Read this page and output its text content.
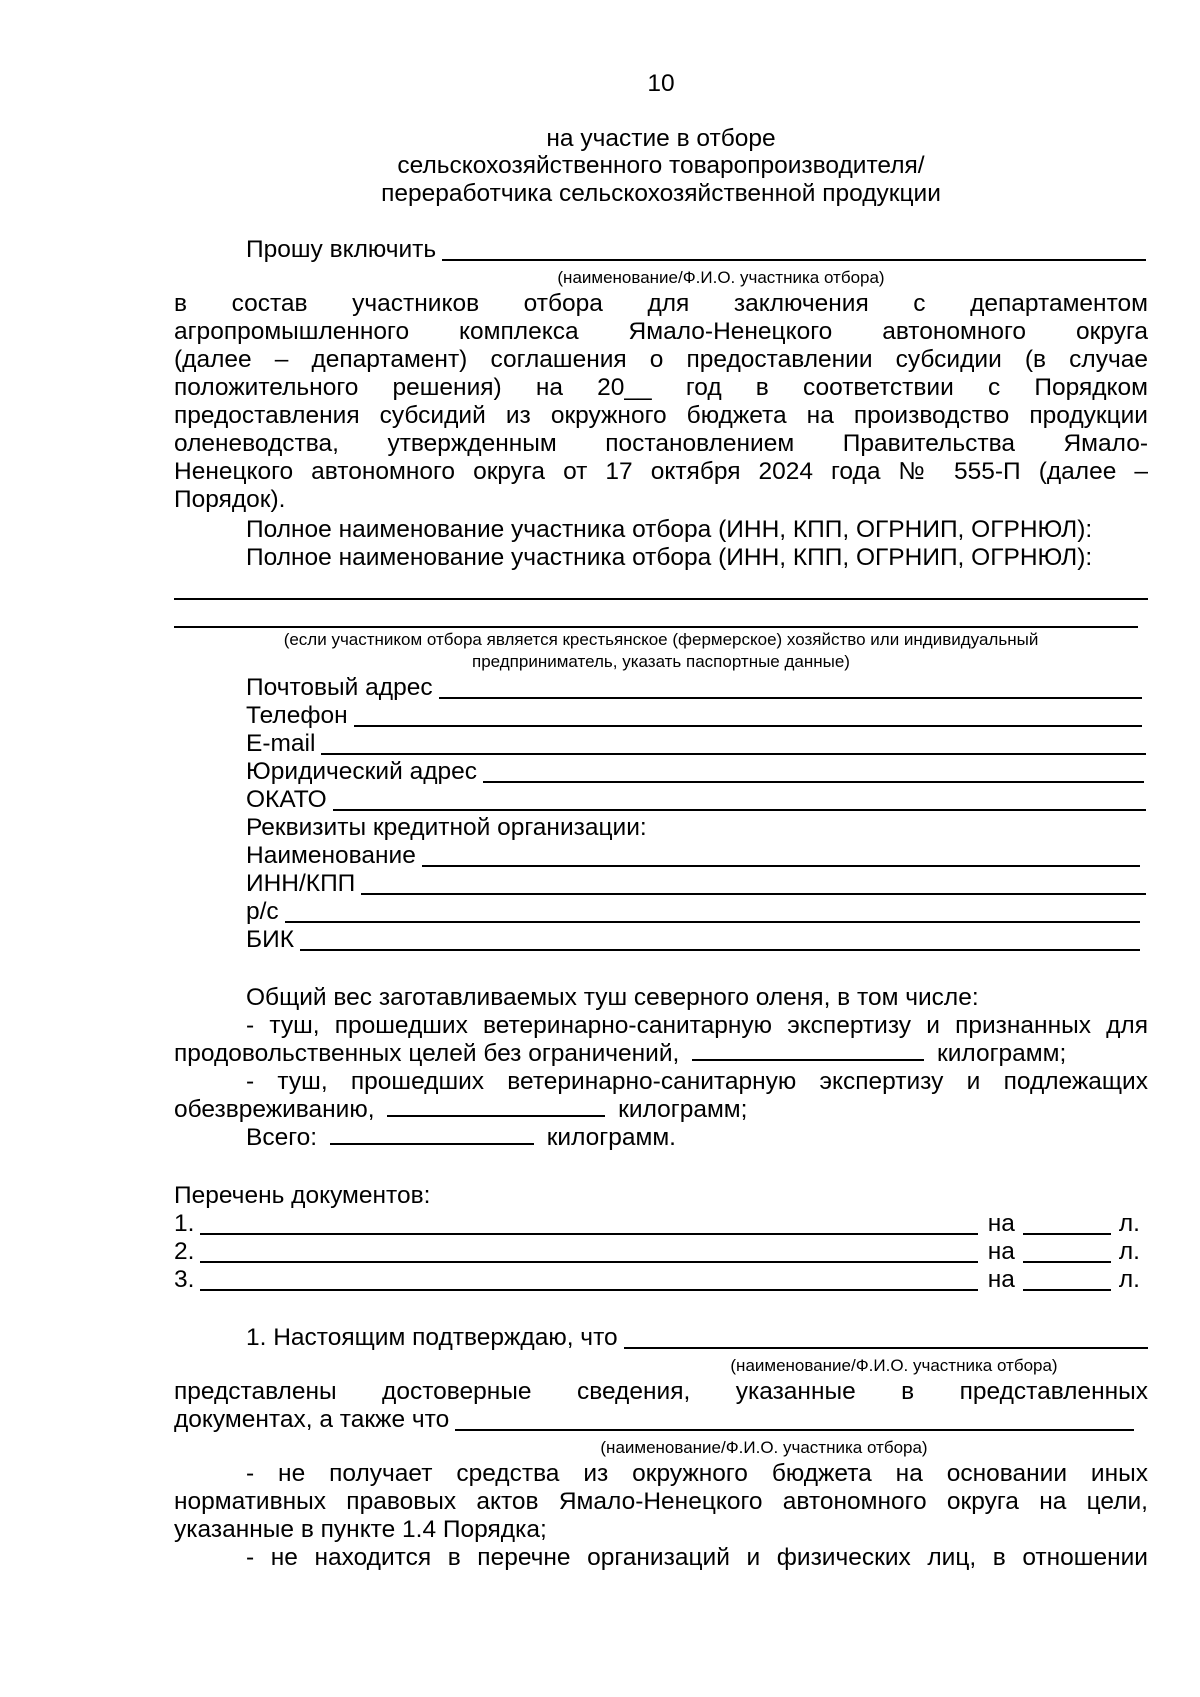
10
на участие в отборе
сельскохозяйственного товаропроизводителя/
переработчика сельскохозяйственной продукции
Прошу включить
(наименование/Ф.И.О. участника отбора)
в состав участников отбора для заключения с департаментом
агропромышленного комплекса Ямало-Ненецкого автономного округа
(далее – департамент) соглашения о предоставлении субсидии (в случае
положительного решения) на 20__ год в соответствии с Порядком
предоставления субсидий из окружного бюджета на производство продукции
оленеводства, утвержденным постановлением Правительства Ямало-
Ненецкого автономного округа от 17 октября 2024 года № 555-П (далее –
Порядок).
Полное наименование участника отбора (ИНН, КПП, ОГРНИП, ОГРНЮЛ):
Полное наименование участника отбора (ИНН, КПП, ОГРНИП, ОГРНЮЛ):
(если участником отбора является крестьянское (фермерское) хозяйство или индивидуальный
предприниматель, указать паспортные данные)
Почтовый адрес
Телефон
E-mail
Юридический адрес
ОКАТО
Реквизиты кредитной организации:
Наименование
ИНН/КПП
р/с
БИК
Общий вес заготавливаемых туш северного оленя, в том числе:
- туш, прошедших ветеринарно-санитарную экспертизу и признанных для
продовольственных целей без ограничений,	килограмм;
- туш, прошедших ветеринарно-санитарную экспертизу и подлежащих
обезвреживанию,	килограмм;
Всего:	килограмм.
Перечень документов:
1.	на	л.
2.	на	л.
3.	на	л.
1. Настоящим подтверждаю, что
(наименование/Ф.И.О. участника отбора)
представлены достоверные сведения, указанные в представленных
документах, а также что
(наименование/Ф.И.О. участника отбора)
- не получает средства из окружного бюджета на основании иных
нормативных правовых актов Ямало-Ненецкого автономного округа на цели,
указанные в пункте 1.4 Порядка;
- не находится в перечне организаций и физических лиц, в отношении
